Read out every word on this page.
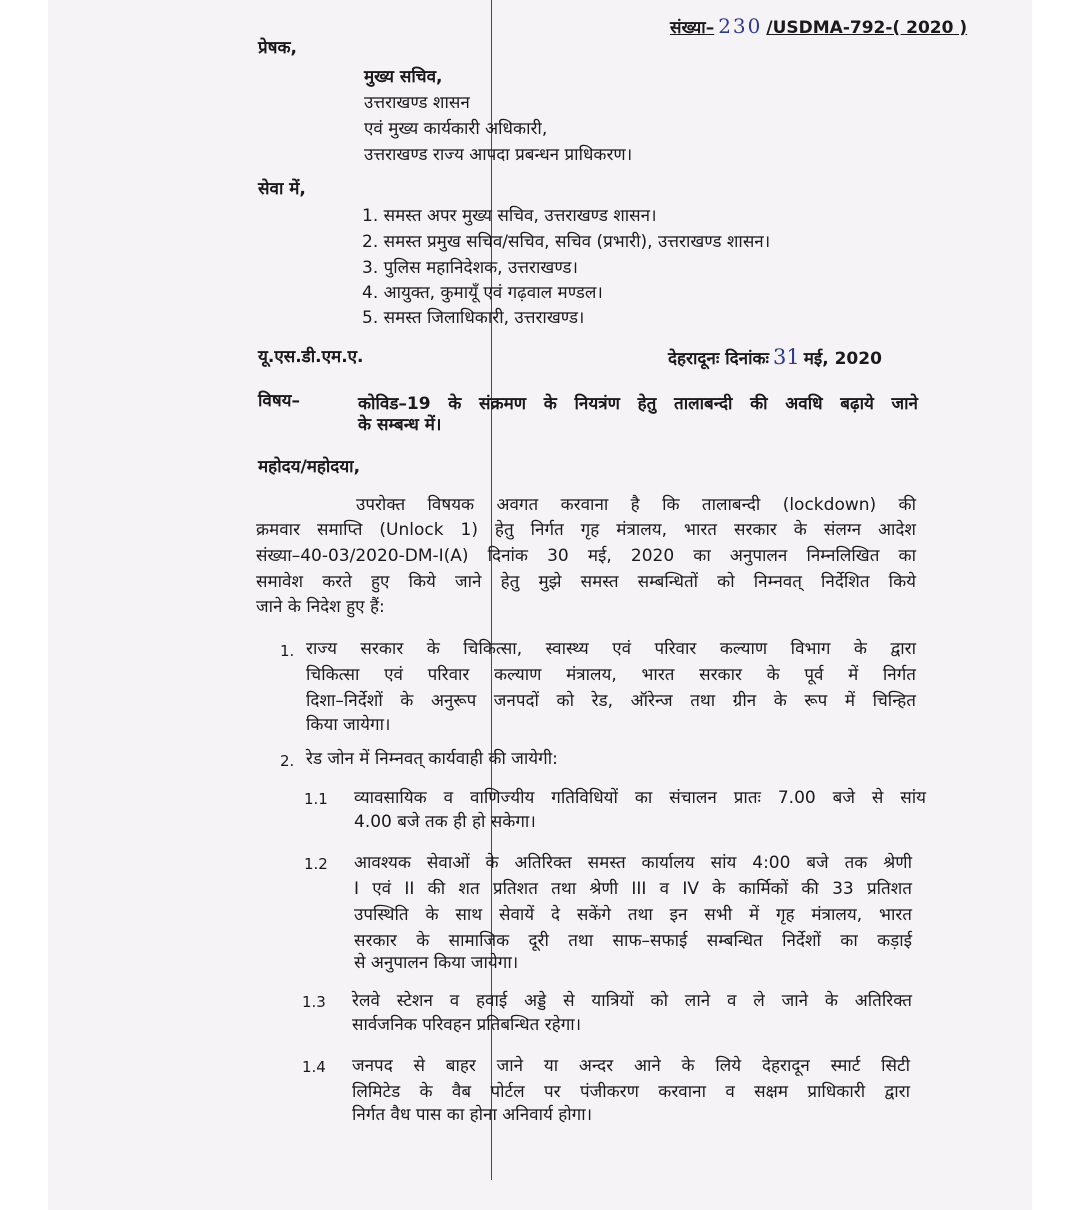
संख्या– 230 /USDMA-792-( 2020 )
प्रेषक,
मुख्य सचिव,
उत्तराखण्ड शासन
एवं मुख्य कार्यकारी अधिकारी,
उत्तराखण्ड राज्य आपदा प्रबन्धन प्राधिकरण।
सेवा में,
1. समस्त अपर मुख्य सचिव, उत्तराखण्ड शासन।
2. समस्त प्रमुख सचिव/सचिव, सचिव (प्रभारी), उत्तराखण्ड शासन।
3. पुलिस महानिदेशक, उत्तराखण्ड।
4. आयुक्त, कुमायूँ एवं गढ़वाल मण्डल।
5. समस्त जिलाधिकारी, उत्तराखण्ड।
यू.एस.डी.एम.ए.	देहरादूनः दिनांकः 31 मई, 2020
विषय–	कोविड–19 के संक्रमण के नियत्रंण हेतु तालाबन्दी की अवधि बढ़ाये जाने
के सम्बन्ध में।
महोदय/महोदया,
उपरोक्त विषयक अवगत करवाना है कि तालाबन्दी (lockdown) की
क्रमवार समाप्ति (Unlock 1) हेतु निर्गत गृह मंत्रालय, भारत सरकार के संलग्न आदेश
संख्या–40-03/2020-DM-I(A) दिनांक 30 मई, 2020 का अनुपालन निम्नलिखित का
समावेश करते हुए किये जाने हेतु मुझे समस्त सम्बन्धितों को निम्नवत् निर्देशित किये
जाने के निदेश हुए हैं:
1. राज्य सरकार के चिकित्सा, स्वास्थ्य एवं परिवार कल्याण विभाग के द्वारा
चिकित्सा एवं परिवार कल्याण मंत्रालय, भारत सरकार के पूर्व में निर्गत
दिशा–निर्देशों के अनुरूप जनपदों को रेड, ऑरेन्ज तथा ग्रीन के रूप में चिन्हित
किया जायेगा।
2. रेड जोन में निम्नवत् कार्यवाही की जायेगी:
1.1 व्यावसायिक व वाणिज्यीय गतिविधियों का संचालन प्रातः 7.00 बजे से सांय
4.00 बजे तक ही हो सकेगा।
1.2 आवश्यक सेवाओं के अतिरिक्त समस्त कार्यालय सांय 4:00 बजे तक श्रेणी
I एवं II की शत प्रतिशत तथा श्रेणी III व IV के कार्मिकों की 33 प्रतिशत
उपस्थिति के साथ सेवायें दे सकेंगे तथा इन सभी में गृह मंत्रालय, भारत
सरकार के सामाजिक दूरी तथा साफ–सफाई सम्बन्धित निर्देशों का कड़ाई
से अनुपालन किया जायेगा।
1.3 रेलवे स्टेशन व हवाई अड्डे से यात्रियों को लाने व ले जाने के अतिरिक्त
सार्वजनिक परिवहन प्रतिबन्धित रहेगा।
1.4 जनपद से बाहर जाने या अन्दर आने के लिये देहरादून स्मार्ट सिटी
लिमिटेड के वैब पोर्टल पर पंजीकरण करवाना व सक्षम प्राधिकारी द्वारा
निर्गत वैध पास का होना अनिवार्य होगा।
